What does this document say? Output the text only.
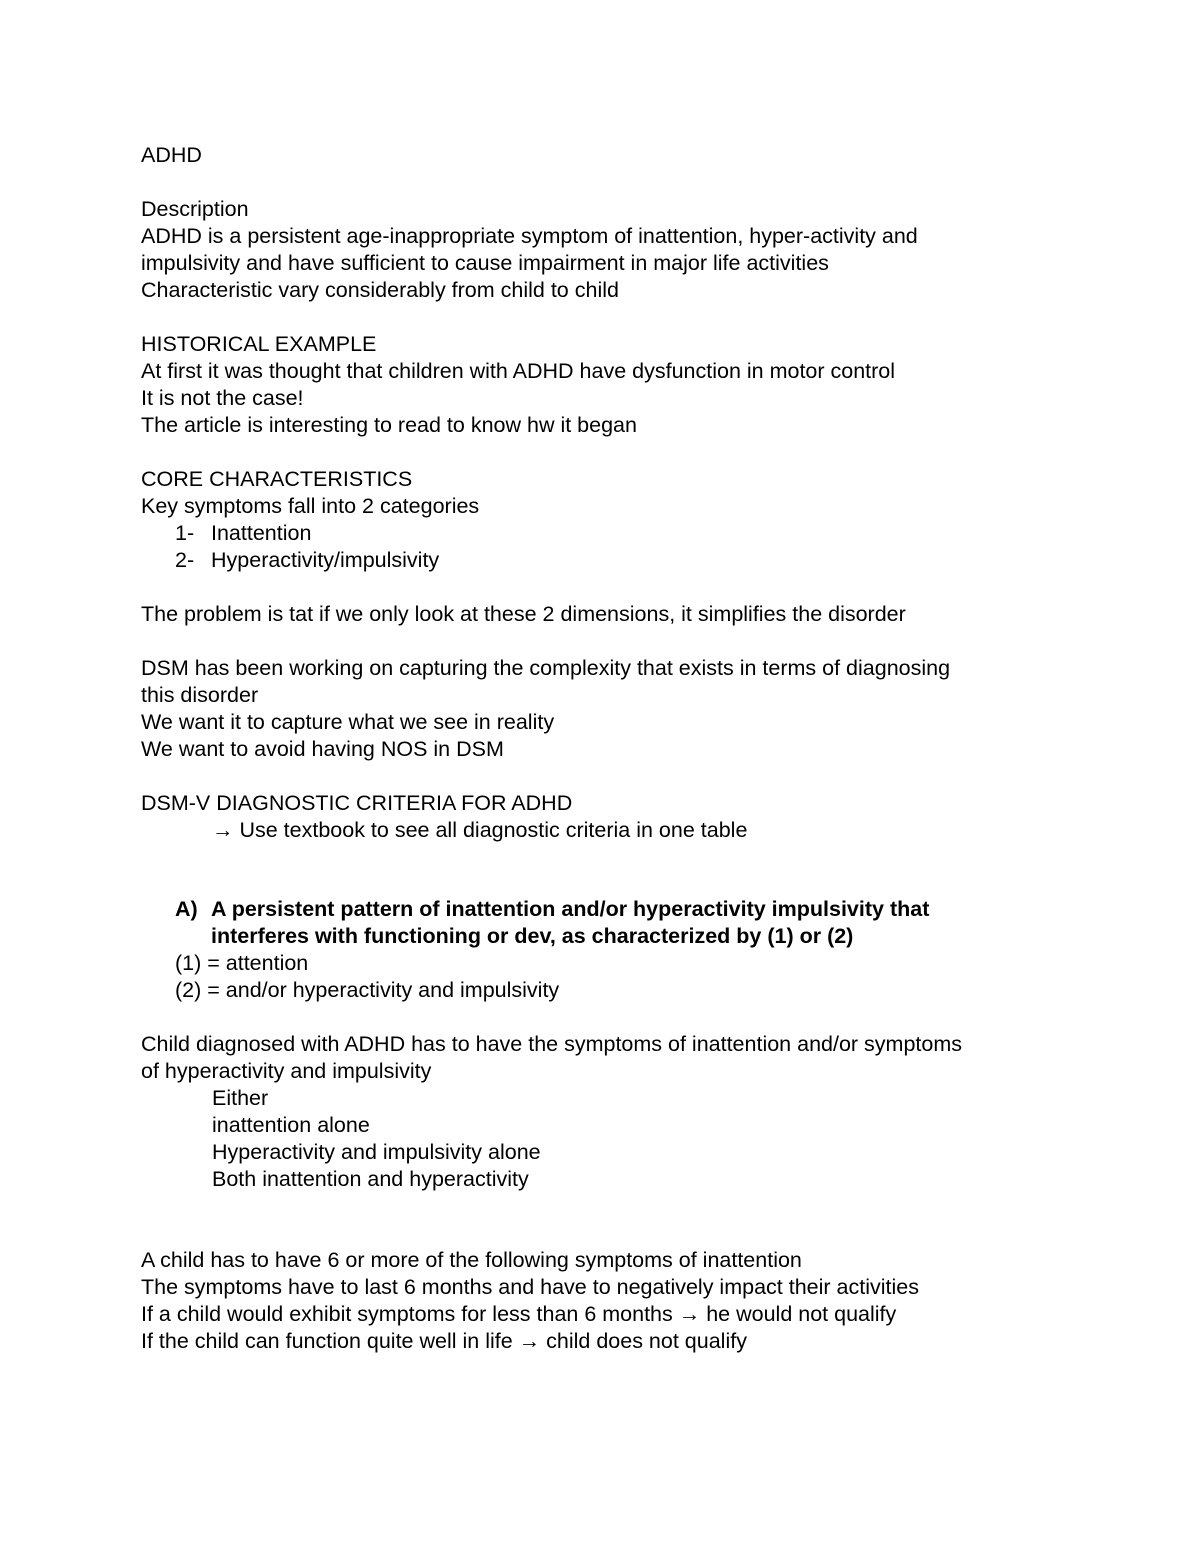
ADHD
Description
ADHD is a persistent age-inappropriate symptom of inattention, hyper-activity and
impulsivity and have sufficient to cause impairment in major life activities
Characteristic vary considerably from child to child
HISTORICAL EXAMPLE
At first it was thought that children with ADHD have dysfunction in motor control
It is not the case!
The article is interesting to read to know hw it began
CORE CHARACTERISTICS
Key symptoms fall into 2 categories
1- Inattention
2- Hyperactivity/impulsivity
The problem is tat if we only look at these 2 dimensions, it simplifies the disorder
DSM has been working on capturing the complexity that exists in terms of diagnosing
this disorder
We want it to capture what we see in reality
We want to avoid having NOS in DSM
DSM-V DIAGNOSTIC CRITERIA FOR ADHD
→ Use textbook to see all diagnostic criteria in one table
A) A persistent pattern of inattention and/or hyperactivity impulsivity that
interferes with functioning or dev, as characterized by (1) or (2)
(1) = attention
(2) = and/or hyperactivity and impulsivity
Child diagnosed with ADHD has to have the symptoms of inattention and/or symptoms
of hyperactivity and impulsivity
Either
inattention alone
Hyperactivity and impulsivity alone
Both inattention and hyperactivity
A child has to have 6 or more of the following symptoms of inattention
The symptoms have to last 6 months and have to negatively impact their activities
If a child would exhibit symptoms for less than 6 months → he would not qualify
If the child can function quite well in life → child does not qualify
